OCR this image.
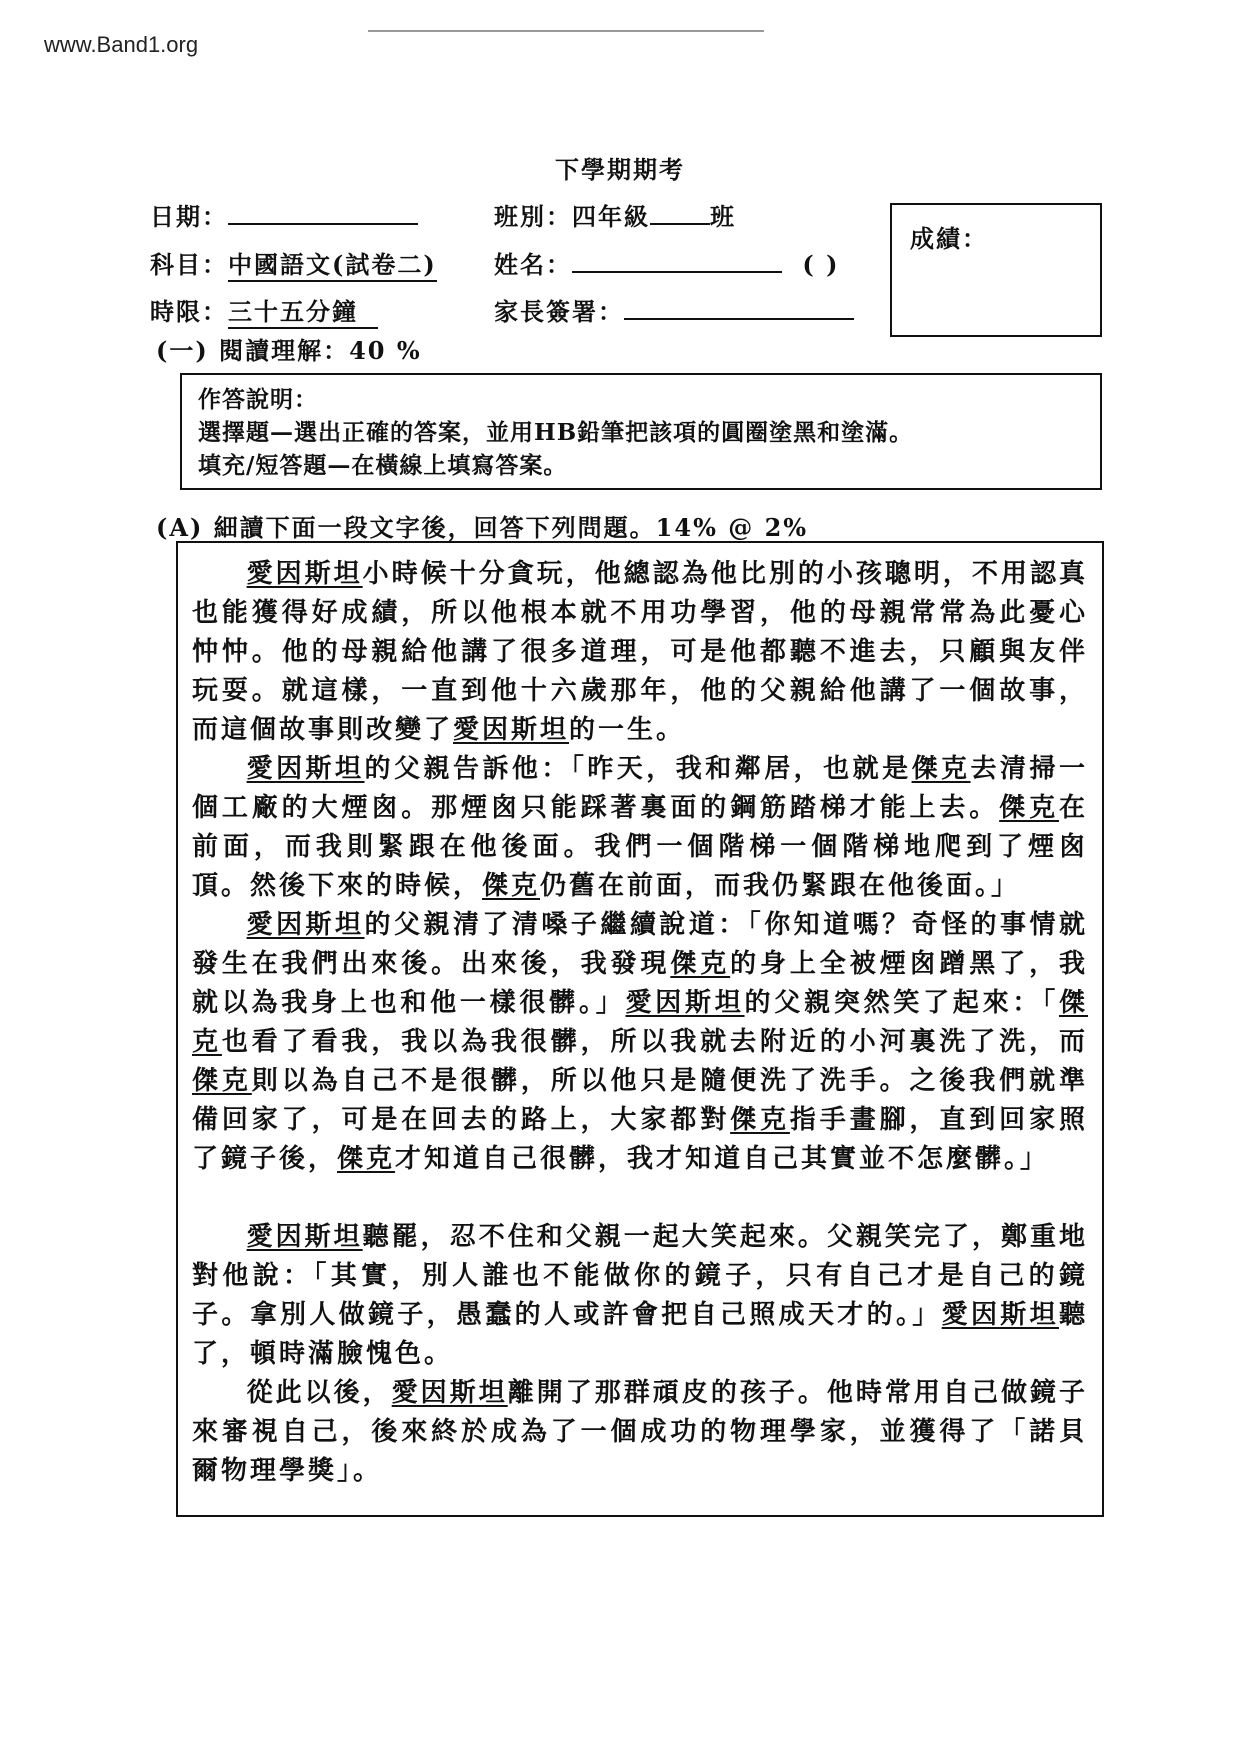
www.Band1.org
下學期期考
日期：	班別：四年級	班
科目：中國語文(試卷二) 姓名：	( )
時限：三十五分鐘	家長簽署：
成績：
(一) 閱讀理解：40 %
作答說明：
選擇題—選出正確的答案，並用HB鉛筆把該項的圓圈塗黑和塗滿。
填充/短答題—在橫線上填寫答案。
(A) 細讀下面一段文字後，回答下列問題。14% @ 2%

愛因斯坦小時候十分貪玩，他總認為他比別的小孩聰明，不用認真也能獲得好成績，所以他根本就不用功學習，他的母親常常為此憂心忡忡。他的母親給他講了很多道理，可是他都聽不進去，只顧與友伴玩耍。就這樣，一直到他十六歲那年，他的父親給他講了一個故事，而這個故事則改變了愛因斯坦的一生。

愛因斯坦的父親告訴他：「昨天，我和鄰居，也就是傑克去清掃一個工廠的大煙囪。那煙囪只能踩著裏面的鋼筋踏梯才能上去。傑克在前面，而我則緊跟在他後面。我們一個階梯一個階梯地爬到了煙囪頂。然後下來的時候，傑克仍舊在前面，而我仍緊跟在他後面。」

愛因斯坦的父親清了清嗓子繼續說道：「你知道嗎？奇怪的事情就發生在我們出來後。出來後，我發現傑克的身上全被煙囪蹭黑了，我就以為我身上也和他一樣很髒。」愛因斯坦的父親突然笑了起來：「傑克也看了看我，我以為我很髒，所以我就去附近的小河裏洗了洗，而傑克則以為自己不是很髒，所以他只是隨便洗了洗手。之後我們就準備回家了，可是在回去的路上，大家都對傑克指手畫腳，直到回家照了鏡子後，傑克才知道自己很髒，我才知道自己其實並不怎麼髒。」

愛因斯坦聽罷，忍不住和父親一起大笑起來。父親笑完了，鄭重地對他說：「其實，別人誰也不能做你的鏡子，只有自己才是自己的鏡子。拿別人做鏡子，愚蠢的人或許會把自己照成天才的。」愛因斯坦聽了，頓時滿臉愧色。

從此以後，愛因斯坦離開了那群頑皮的孩子。他時常用自己做鏡子來審視自己，後來終於成為了一個成功的物理學家，並獲得了「諾貝爾物理學獎」。
